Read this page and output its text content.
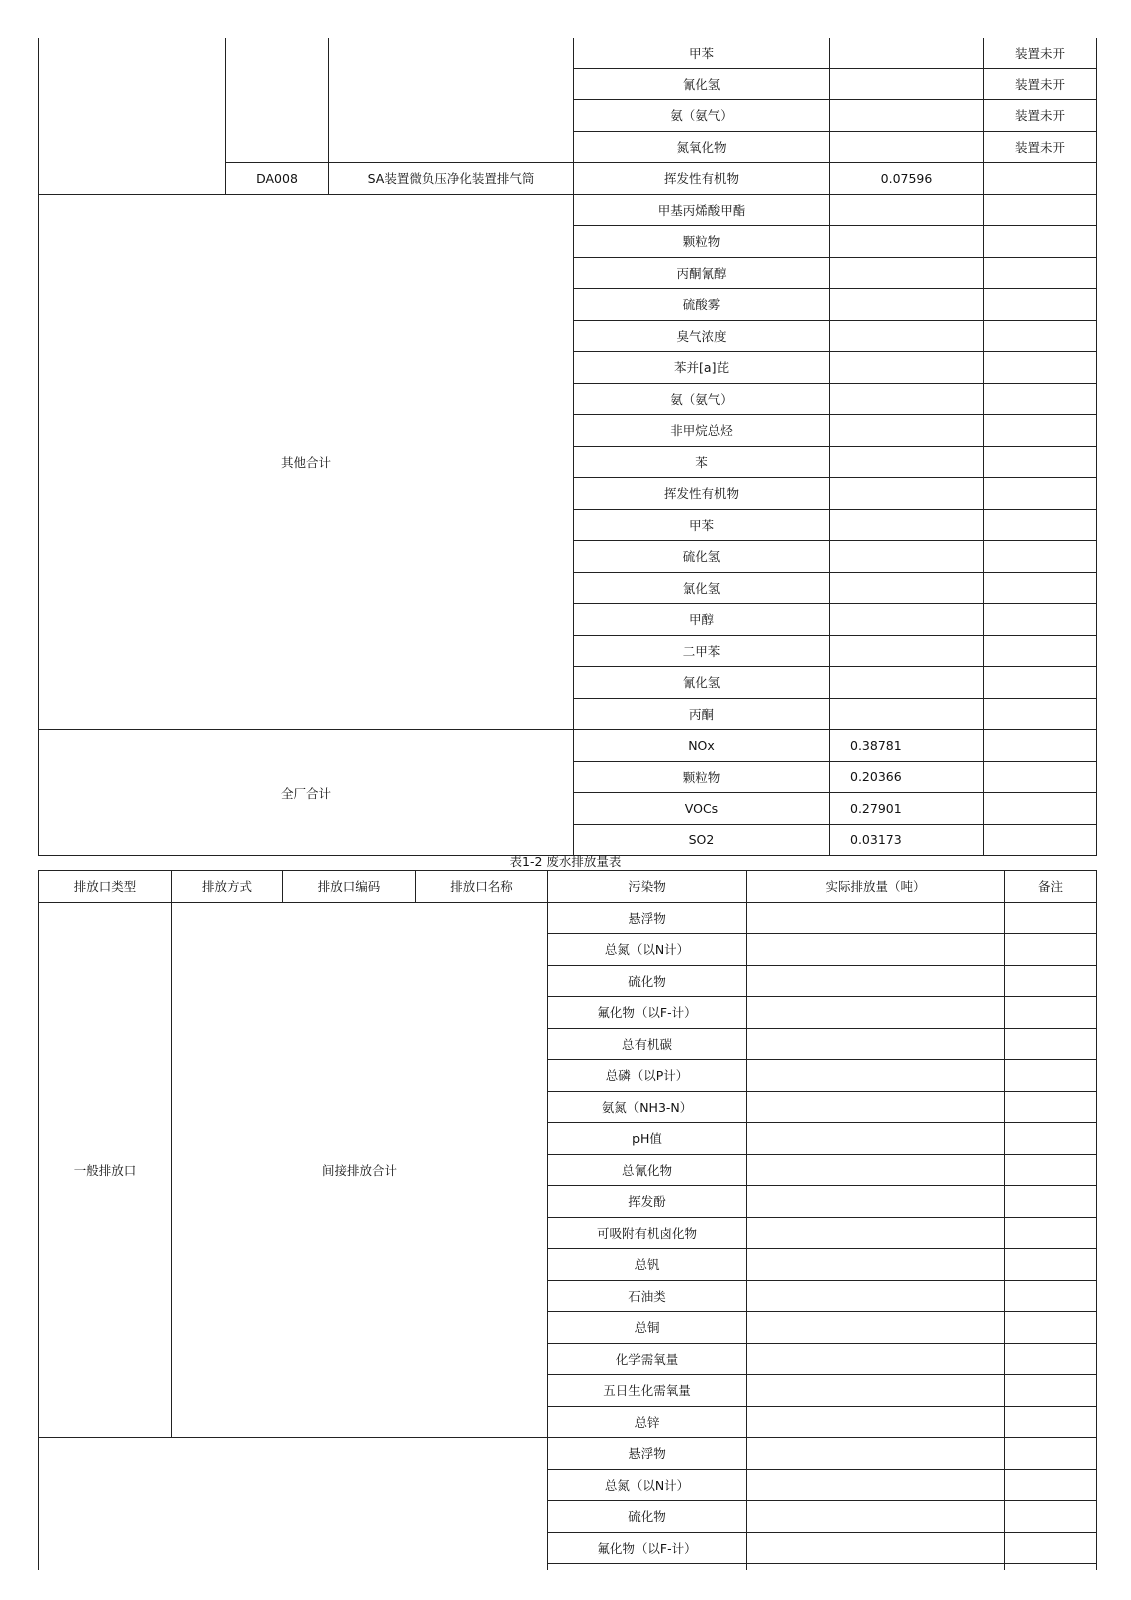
			甲苯		装置未开
			氰化氢		装置未开
			氨（氨气）		装置未开
			氮氧化物		装置未开
	DA008	SA装置微负压净化装置排气筒	挥发性有机物	0.07596	
其他合计			甲基丙烯酸甲酯		
			颗粒物		
			丙酮氰醇		
			硫酸雾		
			臭气浓度		
			苯并[a]芘		
			氨（氨气）		
			非甲烷总烃		
			苯		
			挥发性有机物		
			甲苯		
			硫化氢		
			氯化氢		
			甲醇		
			二甲苯		
			氰化氢		
			丙酮		
全厂合计			NOx	0.38781	
			颗粒物	0.20366	
			VOCs	0.27901	
			SO2	0.03173	
表1-2 废水排放量表
排放口类型	排放方式	排放口编码	排放口名称	污染物	实际排放量（吨）	备注
一般排放口	间接排放合计			悬浮物		
				总氮（以N计）		
				硫化物		
				氟化物（以F-计）		
				总有机碳		
				总磷（以P计）		
				氨氮（NH3-N）		
				pH值		
				总氰化物		
				挥发酚		
				可吸附有机卤化物		
				总钒		
				石油类		
				总铜		
				化学需氧量		
				五日生化需氧量		
				总锌		
				悬浮物		
				总氮（以N计）		
				硫化物		
				氟化物（以F-计）		
